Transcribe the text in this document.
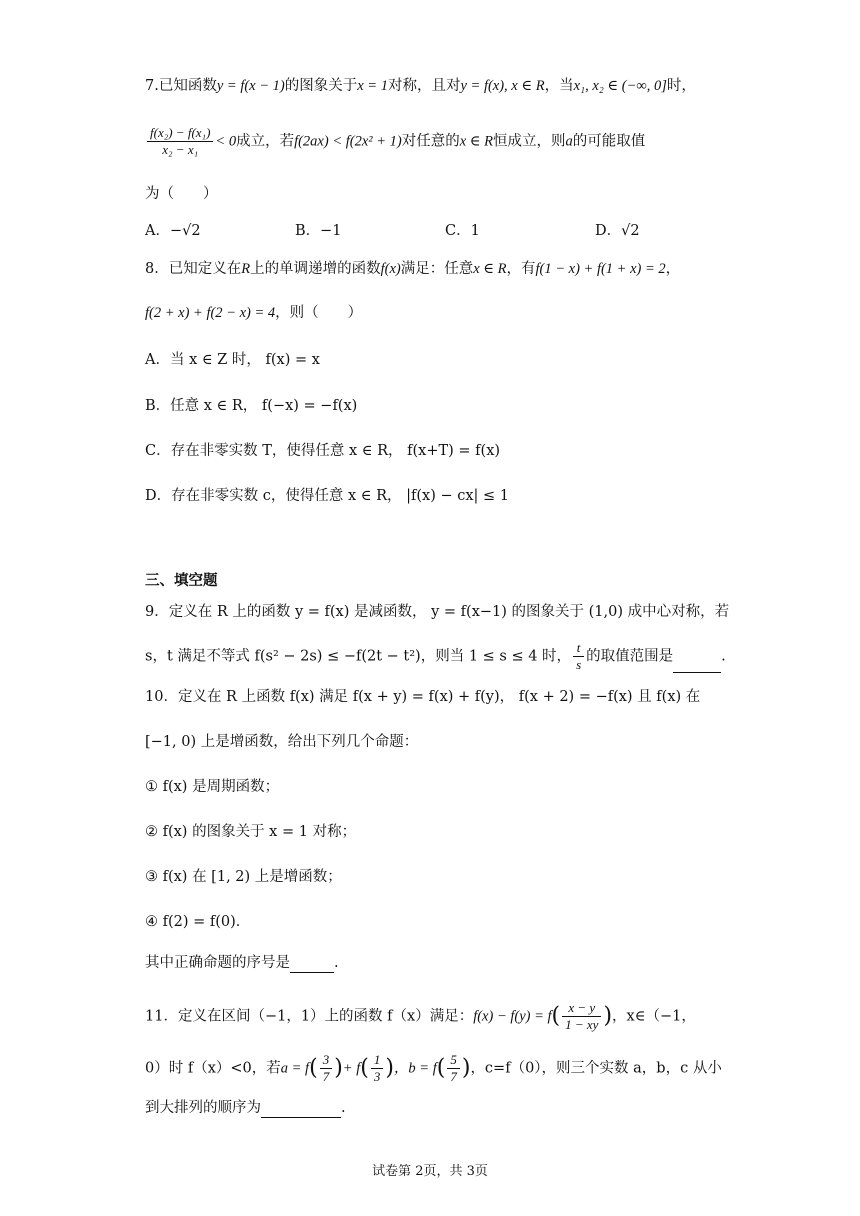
7.已知函数y = f(x − 1)的图象关于x = 1对称，且对y = f(x), x ∈ R，当x₁, x₂ ∈ (−∞, 0]时，
$\frac{\text{f(x₂) − f(x₁)}}{\text{x₂ − x₁}} < 0$成立，若f(2ax) < f(2x² + 1)对任意的x ∈ R恒成立，则a的可能取值
为（　　）
A．−√2	B．−1	C．1	D．√2
8．已知定义在R上的单调递增的函数f(x)满足：任意x ∈ R，有f(1 − x) + f(1 + x) = 2，
f(2 + x) + f(2 − x) = 4，则（　　）
A．当 x ∈ Z 时， f(x) = x
B．任意 x ∈ R， f(−x) = −f(x)
C．存在非零实数 T，使得任意 x ∈ R， f(x+T) = f(x)
D．存在非零实数 c，使得任意 x ∈ R， |f(x) − cx| ≤ 1
三、填空题
9．定义在 R 上的函数 y = f(x) 是减函数， y = f(x−1) 的图象关于 (1,0) 成中心对称，若
s，t 满足不等式 f(s² − 2s) ≤ −f(2t − t²)，则当 1 ≤ s ≤ 4 时， $\frac{t}{s}$ 的取值范围是	.
10．定义在 R 上函数 f(x) 满足 f(x + y) = f(x) + f(y)， f(x + 2) = −f(x) 且 f(x) 在
[−1, 0) 上是增函数，给出下列几个命题：
① f(x) 是周期函数；
② f(x) 的图象关于 x = 1 对称；
③ f(x) 在 [1, 2) 上是增函数；
④ f(2) = f(0)．
其中正确命题的序号是	.
11．定义在区间（−1，1）上的函数 f（x）满足：$f(x) - f(y) = f( \frac{x - y}{1 - xy}$ )，x∈（−1，
0）时 f（x）<0，若$a = f( \frac{3}{7}$ )+ $f( \frac{1}{3}$ )，$b = f( \frac{5}{7}$ )，c=f（0），则三个实数 a，b，c 从小
到大排列的顺序为	.
试卷第 2页，共 3页
